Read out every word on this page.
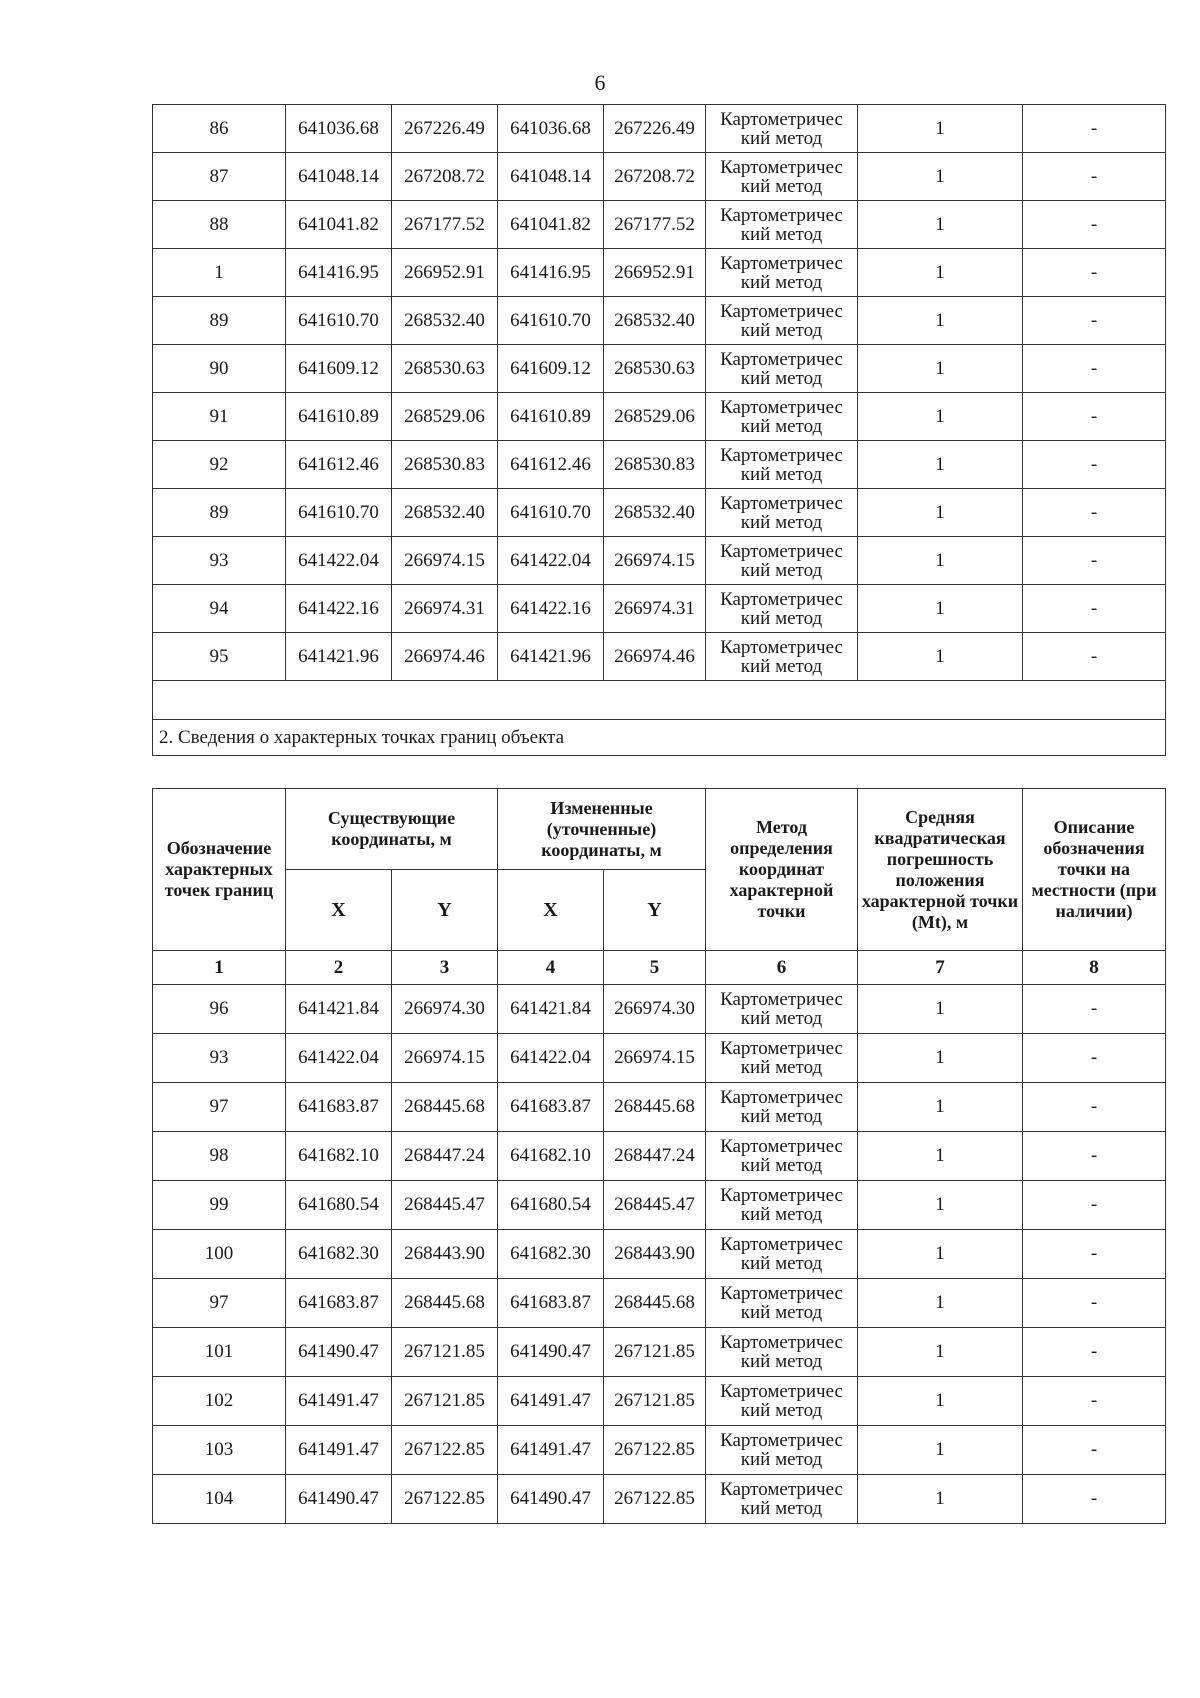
6
86	641036.68	267226.49	641036.68	267226.49	Картометричес
кий метод	1	-
87	641048.14	267208.72	641048.14	267208.72	Картометричес
кий метод	1	-
88	641041.82	267177.52	641041.82	267177.52	Картометричес
кий метод	1	-
1	641416.95	266952.91	641416.95	266952.91	Картометричес
кий метод	1	-
89	641610.70	268532.40	641610.70	268532.40	Картометричес
кий метод	1	-
90	641609.12	268530.63	641609.12	268530.63	Картометричес
кий метод	1	-
91	641610.89	268529.06	641610.89	268529.06	Картометричес
кий метод	1	-
92	641612.46	268530.83	641612.46	268530.83	Картометричес
кий метод	1	-
89	641610.70	268532.40	641610.70	268532.40	Картометричес
кий метод	1	-
93	641422.04	266974.15	641422.04	266974.15	Картометричес
кий метод	1	-
94	641422.16	266974.31	641422.16	266974.31	Картометричес
кий метод	1	-
95	641421.96	266974.46	641421.96	266974.46	Картометричес
кий метод	1	-

2. Сведения о характерных точках границ объекта							
Обозначение характерных точек границ	Существующие координаты, м		Измененные (уточненные) координаты, м		Метод определения координат характерной точки	Средняя квадратическая погрешность положения характерной точки (Mt), м	Описание обозначения точки на местности (при наличии)
	X	Y	X	Y			
1	2	3	4	5	6	7	8
96	641421.84	266974.30	641421.84	266974.30	Картометричес
кий метод	1	-
93	641422.04	266974.15	641422.04	266974.15	Картометричес
кий метод	1	-
97	641683.87	268445.68	641683.87	268445.68	Картометричес
кий метод	1	-
98	641682.10	268447.24	641682.10	268447.24	Картометричес
кий метод	1	-
99	641680.54	268445.47	641680.54	268445.47	Картометричес
кий метод	1	-
100	641682.30	268443.90	641682.30	268443.90	Картометричес
кий метод	1	-
97	641683.87	268445.68	641683.87	268445.68	Картометричес
кий метод	1	-
101	641490.47	267121.85	641490.47	267121.85	Картометричес
кий метод	1	-
102	641491.47	267121.85	641491.47	267121.85	Картометричес
кий метод	1	-
103	641491.47	267122.85	641491.47	267122.85	Картометричес
кий метод	1	-
104	641490.47	267122.85	641490.47	267122.85	Картометричес
кий метод	1	-
